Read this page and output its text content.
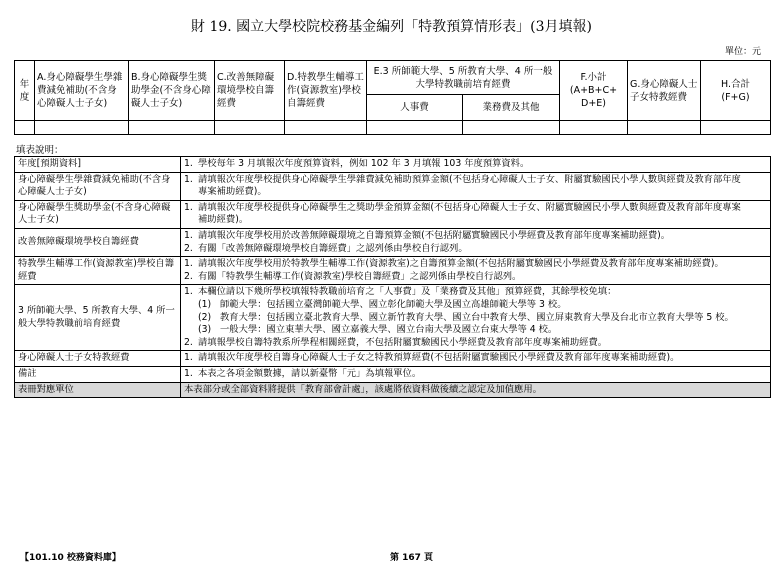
財 19. 國立大學校院校務基金編列「特教預算情形表」(3月填報)
單位：元
年度	A.身心障礙學生學雜費減免補助(不含身心障礙人士子女)	B.身心障礙學生獎助學金(不含身心障礙人士子女)	C.改善無障礙環境學校自籌經費	D.特教學生輔導工作(資源教室)學校自籌經費	E.3 所師範大學、5 所教育大學、4 所一般大學特教職前培育經費		F.小計
(A+B+C+
D+E)	G.身心障礙人士子女特教經費	H.合計
(F+G)
					人事費	業務費及其他			

填表說明：
年度[預期資料]	1. 學校每年 3 月填報次年度預算資料，例如 102 年 3 月填報 103 年度預算資料。

身心障礙學生學雜費減免補助(不含身心障礙人士子女)	1. 請填報次年度學校提供身心障礙學生學雜費減免補助預算金額(不包括身心障礙人士子女、附屬實驗國民小學人數與經費及教育部年度專案補助經費)。

身心障礙學生獎助學金(不含身心障礙人士子女)	1. 請填報次年度學校提供身心障礙學生之獎助學金預算金額(不包括身心障礙人士子女、附屬實驗國民小學人數與經費及教育部年度專案補助經費)。

改善無障礙環境學校自籌經費	1. 請填報次年度學校用於改善無障礙環境之自籌預算金額(不包括附屬實驗國民小學經費及教育部年度專案補助經費)。
2. 有關「改善無障礙環境學校自籌經費」之認列係由學校自行認列。

特教學生輔導工作(資源教室)學校自籌經費	1. 請填報次年度學校用於特教學生輔導工作(資源教室)之自籌預算金額(不包括附屬實驗國民小學經費及教育部年度專案補助經費)。
2. 有關「特教學生輔導工作(資源教室)學校自籌經費」之認列係由學校自行認列。

3 所師範大學、5 所教育大學、4 所一般大學特教職前培育經費	1. 本欄位請以下幾所學校填報特教職前培育之「人事費」及「業務費及其他」預算經費，其餘學校免填：
(1) 師範大學：包括國立臺灣師範大學、國立彰化師範大學及國立高雄師範大學等 3 校。
(2) 教育大學：包括國立臺北教育大學、國立新竹教育大學、國立台中教育大學、國立屏東教育大學及台北市立教育大學等 5 校。
(3) 一般大學：國立東華大學、國立嘉義大學、國立台南大學及國立台東大學等 4 校。
2. 請填報學校自籌特教系所學程相關經費，不包括附屬實驗國民小學經費及教育部年度專案補助經費。

身心障礙人士子女特教經費	1. 請填報次年度學校自籌身心障礙人士子女之特教預算經費(不包括附屬實驗國民小學經費及教育部年度專案補助經費)。

備註	1. 本表之各項金額數據，請以新臺幣「元」為填報單位。

表冊對應單位	本表部分或全部資料將提供「教育部會計處」，該處將依資料做後續之認定及加值應用。
【101.10 校務資料庫】	第 167 頁
